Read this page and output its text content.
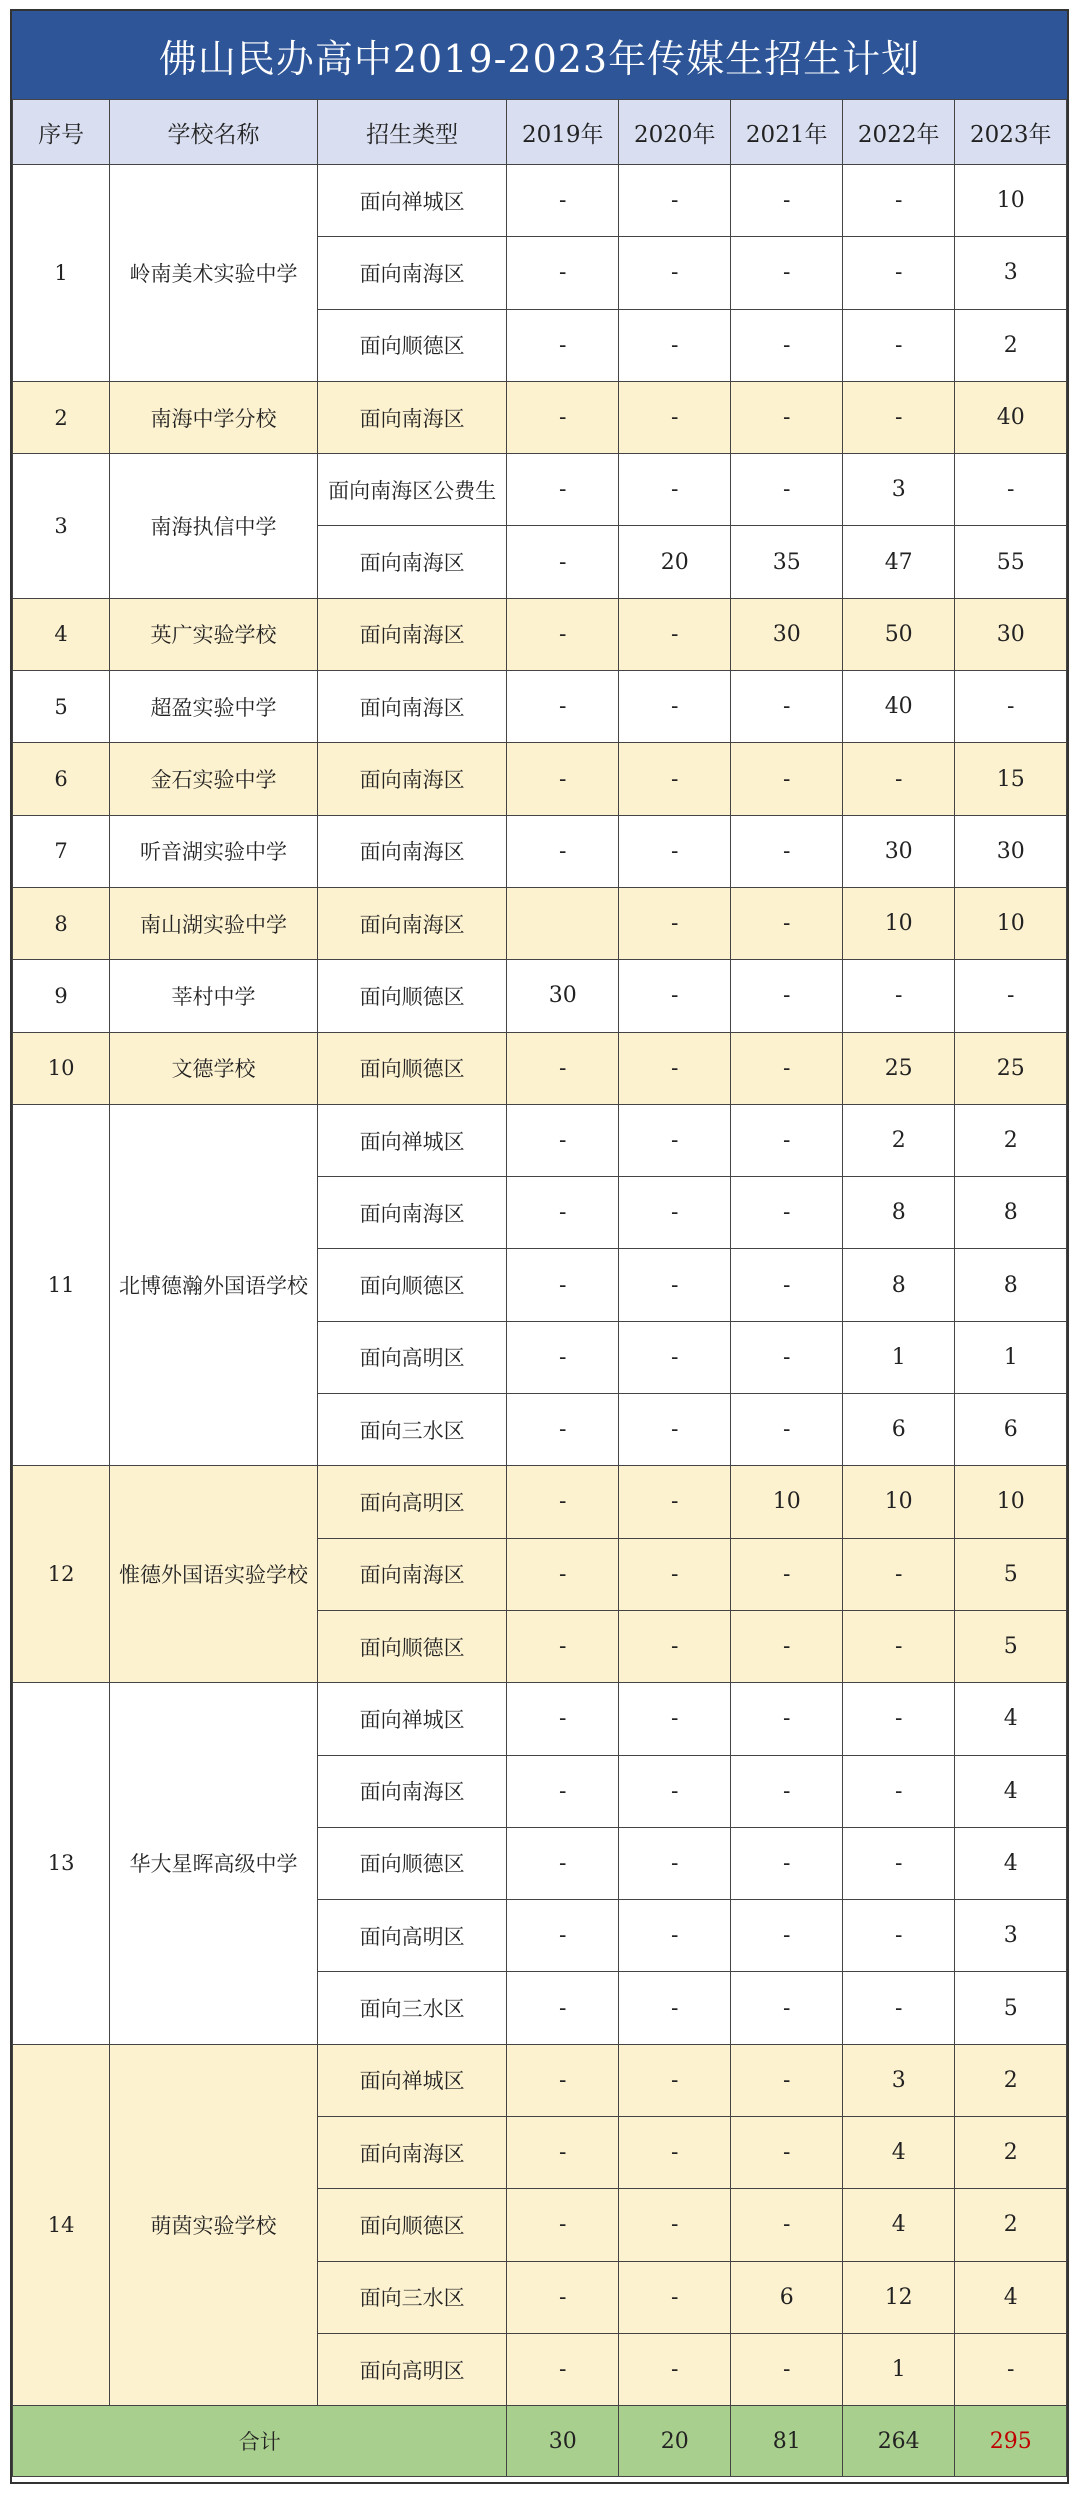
佛山民办高中2019-2023年传媒生招生计划
序号	学校名称	招生类型	2019年	2020年	2021年	2022年	2023年
1	岭南美术实验中学	面向禅城区	-	-	-	-	10
		面向南海区	-	-	-	-	3
		面向顺德区	-	-	-	-	2
2	南海中学分校	面向南海区	-	-	-	-	40
3	南海执信中学	面向南海区公费生	-	-	-	3	-
		面向南海区	-	20	35	47	55
4	英广实验学校	面向南海区	-	-	30	50	30
5	超盈实验中学	面向南海区	-	-	-	40	-
6	金石实验中学	面向南海区	-	-	-	-	15
7	听音湖实验中学	面向南海区	-	-	-	30	30
8	南山湖实验中学	面向南海区		-	-	10	10
9	莘村中学	面向顺德区	30	-	-	-	-
10	文德学校	面向顺德区	-	-	-	25	25
11	北博德瀚外国语学校	面向禅城区	-	-	-	2	2
		面向南海区	-	-	-	8	8
		面向顺德区	-	-	-	8	8
		面向高明区	-	-	-	1	1
		面向三水区	-	-	-	6	6
12	惟德外国语实验学校	面向高明区	-	-	10	10	10
		面向南海区	-	-	-	-	5
		面向顺德区	-	-	-	-	5
13	华大星晖高级中学	面向禅城区	-	-	-	-	4
		面向南海区	-	-	-	-	4
		面向顺德区	-	-	-	-	4
		面向高明区	-	-	-	-	3
		面向三水区	-	-	-	-	5
14	萌茵实验学校	面向禅城区	-	-	-	3	2
		面向南海区	-	-	-	4	2
		面向顺德区	-	-	-	4	2
		面向三水区	-	-	6	12	4
		面向高明区	-	-	-	1	-
合计			30	20	81	264	295
